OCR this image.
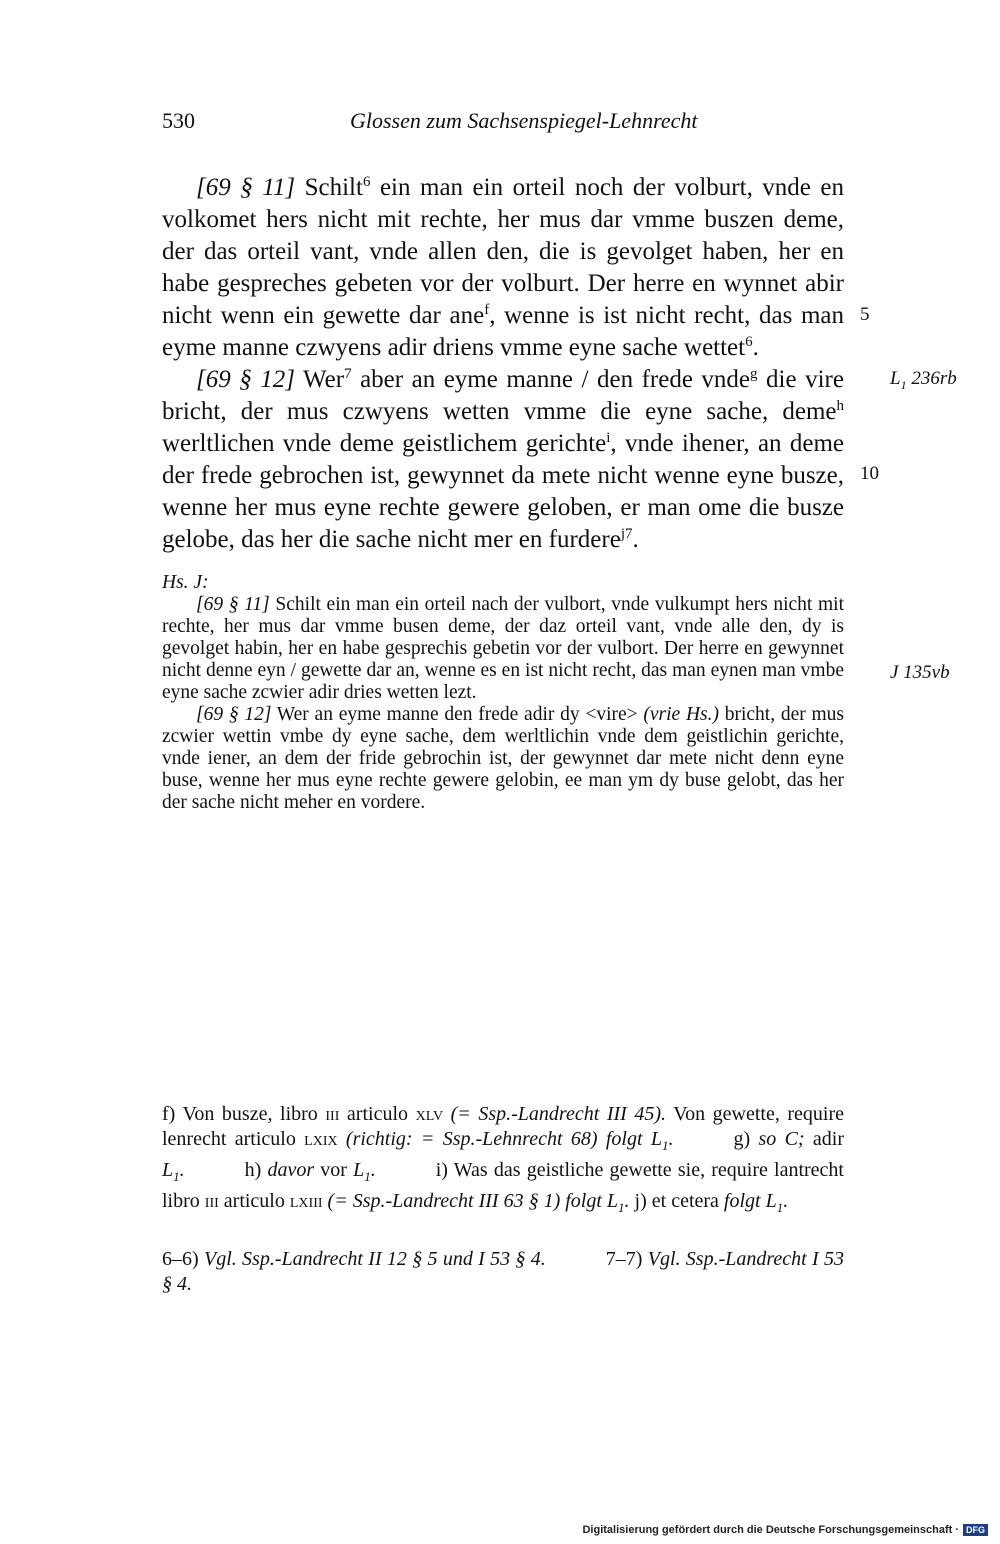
530	Glossen zum Sachsenspiegel-Lehnrecht

[69 § 11] Schilt$^6$ ein man ein orteil noch der volburt, vnde en volkomet hers nicht mit rechte, her mus dar vmme buszen deme, der das orteil vant, vnde allen den, die is gevolget haben, her en habe gespreches gebeten vor der volburt. Der herre en wynnet abir nicht wenn ein gewette dar ane$^f$, wenne is ist nicht recht, das man eyme manne czwyens adir driens vmme eyne sache wettet$^6$.

[69 § 12] Wer$^7$ aber an eyme manne / den frede vnde$^g$ die vire bricht, der mus czwyens wetten vmme die eyne sache, deme$^h$ werltlichen vnde deme geistlichem gerichte$^i$, vnde ihener, an deme der frede gebrochen ist, gewynnet da mete nicht wenne eyne busze, wenne her mus eyne rechte gewere geloben, er man ome die busze gelobe, das her die sache nicht mer en furdere$^{j7}$.

5
10
$L_1$ 236rb

Hs. J:

[69 § 11] Schilt ein man ein orteil nach der vulbort, vnde vulkumpt hers nicht mit rechte, her mus dar vmme busen deme, der daz orteil vant, vnde alle den, dy is gevolget habin, her en habe gesprechis gebetin vor der vulbort. Der herre en gewynnet nicht denne eyn / gewette dar an, wenne es en ist nicht recht, das man eynen man vmbe eyne sache zcwier adir dries wetten lezt.

[69 § 12] Wer an eyme manne den frede adir dy <vire> (vrie Hs.) bricht, der mus zcwier wettin vmbe dy eyne sache, dem werltlichin vnde dem geistlichin gerichte, vnde iener, an dem der fride gebrochin ist, der gewynnet dar mete nicht denn eyne buse, wenne her mus eyne rechte gewere gelobin, ee man ym dy buse gelobt, das her der sache nicht meher en vordere.

J 135vb

f) Von busze, libro iii articulo xlv (= Ssp.-Landrecht III 45). Von gewette, require lenrecht articulo lxix (richtig: = Ssp.-Lehnrecht 68) folgt $L_1$.   	g) so C; adir $L_1$.   	h) davor vor $L_1$.   	i) Was das geistliche gewette sie, require lantrecht libro iii articulo lxiii (= Ssp.-Landrecht III 63 § 1) folgt $L_1$. j) et cetera folgt $L_1$.

6–6) Vgl. Ssp.-Landrecht II 12 § 5 und I 53 § 4.   	7–7) Vgl. Ssp.-Landrecht I 53 § 4.

Digitalisierung gefördert durch die Deutsche Forschungsgemeinschaft · DFG
